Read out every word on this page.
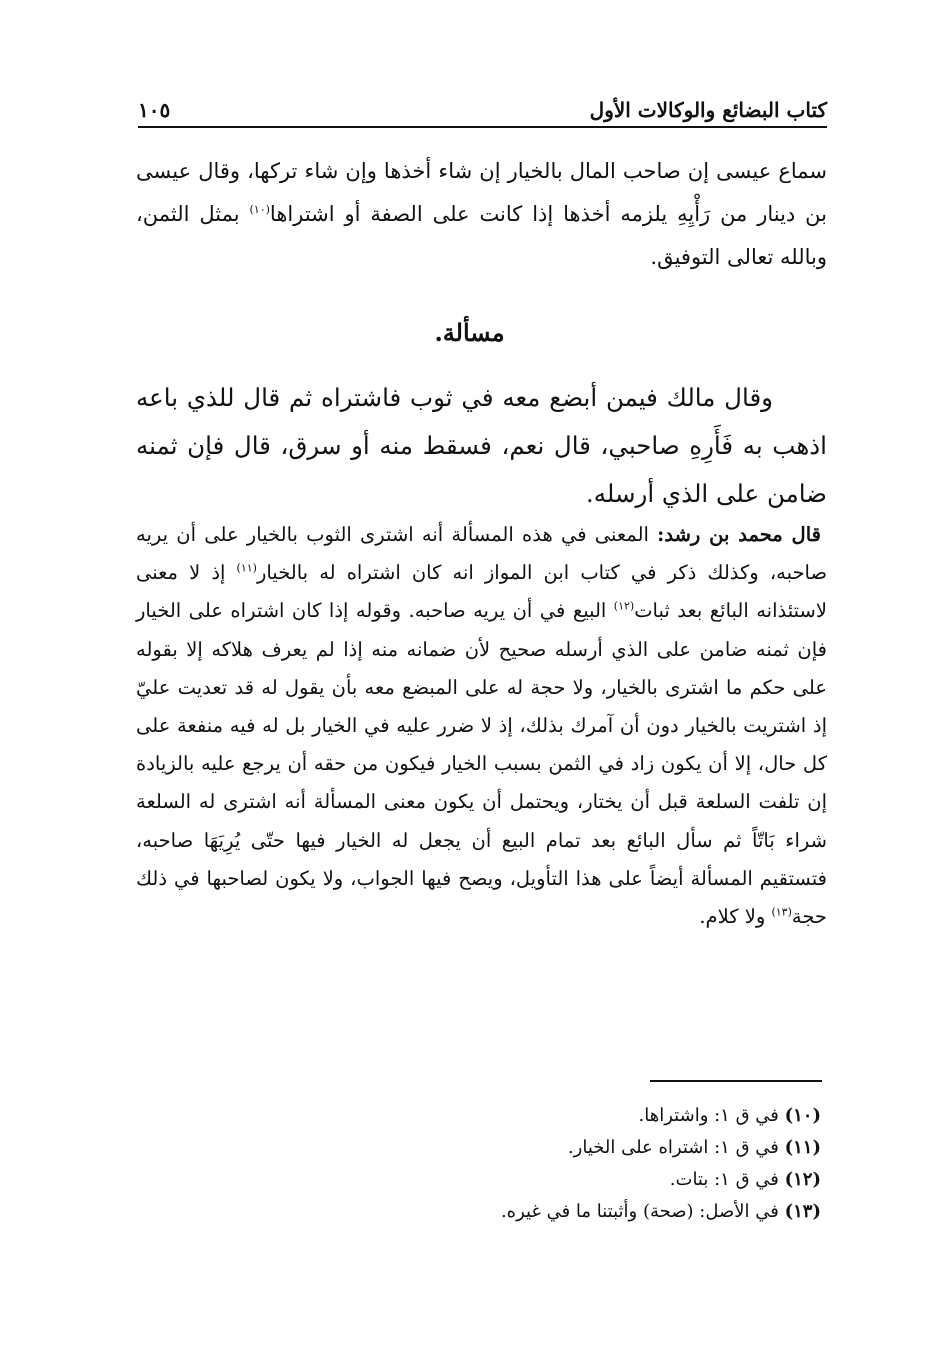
كتاب البضائع والوكالات الأول
١٠٥
سماع عيسى إن صاحب المال بالخيار إن شاء أخذها وإن شاء تركها، وقال عيسى بن دينار من رَأْيِهِ يلزمه أخذها إذا كانت على الصفة أو اشتراها$^{(١٠)}$ بمثل الثمن، وبالله تعالى التوفيق.
مسألة.
وقال مالك فيمن أبضع معه في ثوب فاشتراه ثم قال للذي باعه اذهب به فَأَرِهِ صاحبي، قال نعم، فسقط منه أو سرق، قال فإن ثمنه ضامن على الذي أرسله.
قال محمد بن رشد: المعنى في هذه المسألة أنه اشترى الثوب بالخيار على أن يريه صاحبه، وكذلك ذكر في كتاب ابن المواز انه كان اشتراه له بالخيار$^{(١١)}$ إذ لا معنى لاستئذانه البائع بعد ثبات$^{(١٢)}$ البيع في أن يريه صاحبه. وقوله إذا كان اشتراه على الخيار فإن ثمنه ضامن على الذي أرسله صحيح لأن ضمانه منه إذا لم يعرف هلاكه إلا بقوله على حكم ما اشترى بالخيار، ولا حجة له على المبضع معه بأن يقول له قد تعديت عليّ إذ اشتريت بالخيار دون أن آمرك بذلك، إذ لا ضرر عليه في الخيار بل له فيه منفعة على كل حال، إلا أن يكون زاد في الثمن بسبب الخيار فيكون من حقه أن يرجع عليه بالزيادة إن تلفت السلعة قبل أن يختار، ويحتمل أن يكون معنى المسألة أنه اشترى له السلعة شراء بَاتّاً ثم سأل البائع بعد تمام البيع أن يجعل له الخيار فيها حتّى يُرِيَهَا صاحبه، فتستقيم المسألة أيضاً على هذا التأويل، ويصح فيها الجواب، ولا يكون لصاحبها في ذلك حجة$^{(١٣)}$ ولا كلام.
(١٠) في ق ١: واشتراها.
(١١) في ق ١: اشتراه على الخيار.
(١٢) في ق ١: بتات.
(١٣) في الأصل: (صحة) وأثبتنا ما في غيره.
